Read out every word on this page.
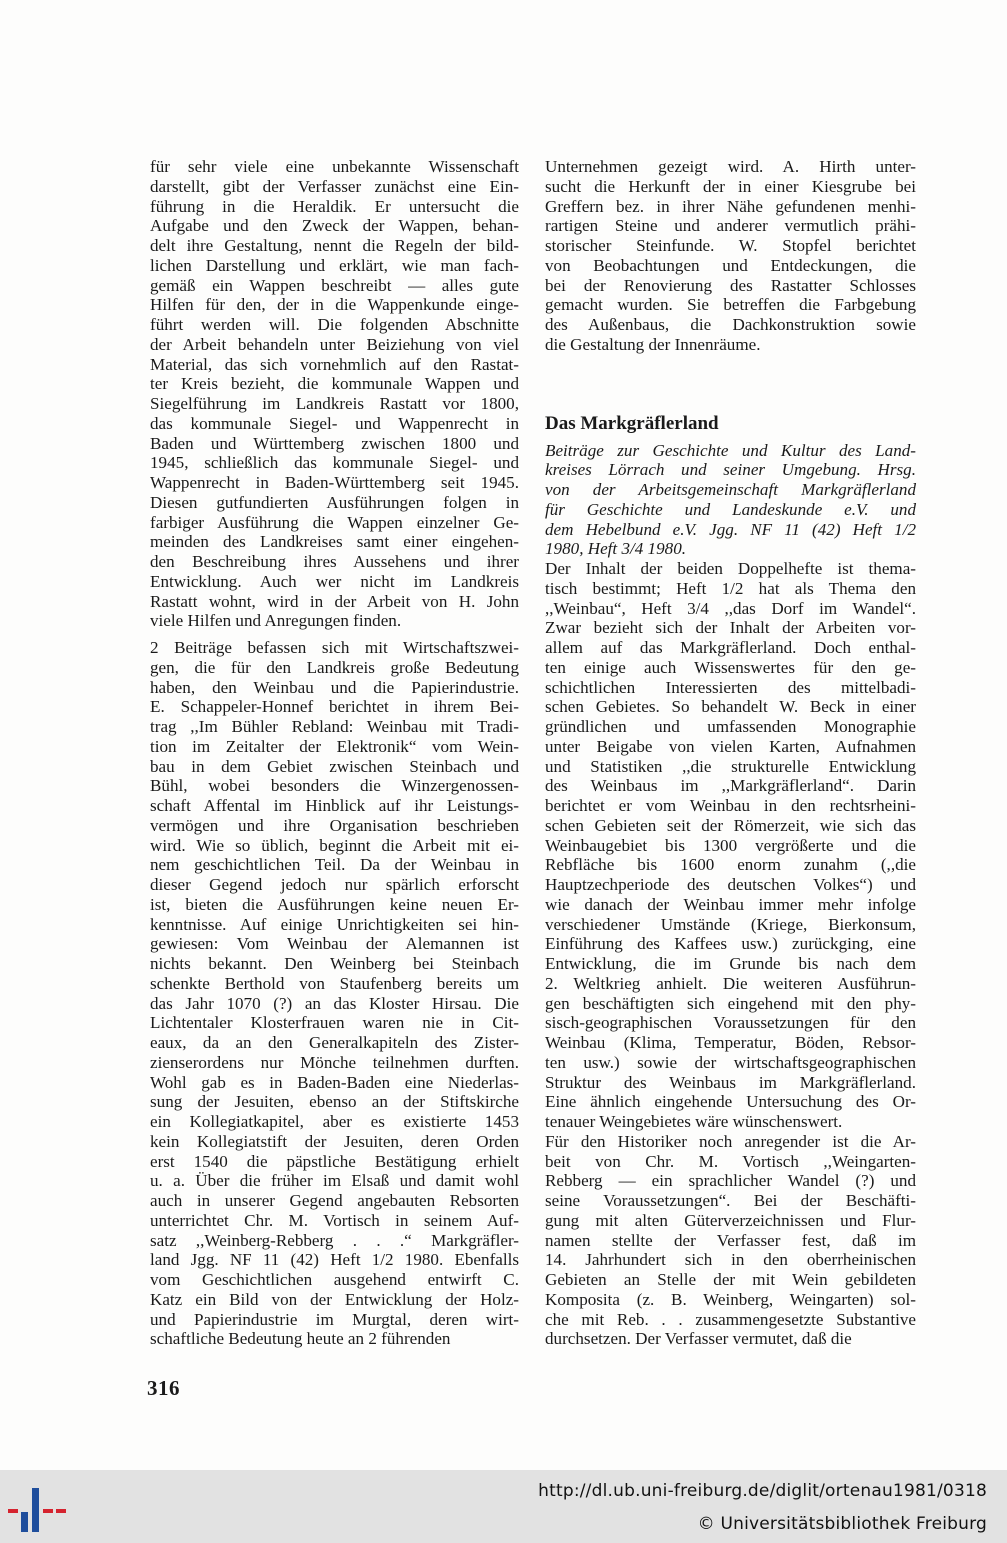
für sehr viele eine unbekannte Wissenschaft
darstellt, gibt der Verfasser zunächst eine Ein-
führung in die Heraldik. Er untersucht die
Aufgabe und den Zweck der Wappen, behan-
delt ihre Gestaltung, nennt die Regeln der bild-
lichen Darstellung und erklärt, wie man fach-
gemäß ein Wappen beschreibt — alles gute
Hilfen für den, der in die Wappenkunde einge-
führt werden will. Die folgenden Abschnitte
der Arbeit behandeln unter Beiziehung von viel
Material, das sich vornehmlich auf den Rastat-
ter Kreis bezieht, die kommunale Wappen und
Siegelführung im Landkreis Rastatt vor 1800,
das kommunale Siegel- und Wappenrecht in
Baden und Württemberg zwischen 1800 und
1945, schließlich das kommunale Siegel- und
Wappenrecht in Baden-Württemberg seit 1945.
Diesen gutfundierten Ausführungen folgen in
farbiger Ausführung die Wappen einzelner Ge-
meinden des Landkreises samt einer eingehen-
den Beschreibung ihres Aussehens und ihrer
Entwicklung. Auch wer nicht im Landkreis
Rastatt wohnt, wird in der Arbeit von H. John
viele Hilfen und Anregungen finden.

2 Beiträge befassen sich mit Wirtschaftszwei-
gen, die für den Landkreis große Bedeutung
haben, den Weinbau und die Papierindustrie.
E. Schappeler-Honnef berichtet in ihrem Bei-
trag ,,Im Bühler Rebland: Weinbau mit Tradi-
tion im Zeitalter der Elektronik“ vom Wein-
bau in dem Gebiet zwischen Steinbach und
Bühl, wobei besonders die Winzergenossen-
schaft Affental im Hinblick auf ihr Leistungs-
vermögen und ihre Organisation beschrieben
wird. Wie so üblich, beginnt die Arbeit mit ei-
nem geschichtlichen Teil. Da der Weinbau in
dieser Gegend jedoch nur spärlich erforscht
ist, bieten die Ausführungen keine neuen Er-
kenntnisse. Auf einige Unrichtigkeiten sei hin-
gewiesen: Vom Weinbau der Alemannen ist
nichts bekannt. Den Weinberg bei Steinbach
schenkte Berthold von Staufenberg bereits um
das Jahr 1070 (?) an das Kloster Hirsau. Die
Lichtentaler Klosterfrauen waren nie in Cit-
eaux, da an den Generalkapiteln des Zister-
zienserordens nur Mönche teilnehmen durften.
Wohl gab es in Baden-Baden eine Niederlas-
sung der Jesuiten, ebenso an der Stiftskirche
ein Kollegiatkapitel, aber es existierte 1453
kein Kollegiatstift der Jesuiten, deren Orden
erst 1540 die päpstliche Bestätigung erhielt
u. a. Über die früher im Elsaß und damit wohl
auch in unserer Gegend angebauten Rebsorten
unterrichtet Chr. M. Vortisch in seinem Auf-
satz ,,Weinberg-Rebberg . . .“ Markgräfler-
land Jgg. NF 11 (42) Heft 1/2 1980. Ebenfalls
vom Geschichtlichen ausgehend entwirft C.
Katz ein Bild von der Entwicklung der Holz-
und Papierindustrie im Murgtal, deren wirt-
schaftliche Bedeutung heute an 2 führenden

Unternehmen gezeigt wird. A. Hirth unter-
sucht die Herkunft der in einer Kiesgrube bei
Greffern bez. in ihrer Nähe gefundenen menhi-
rartigen Steine und anderer vermutlich prähi-
storischer Steinfunde. W. Stopfel berichtet
von Beobachtungen und Entdeckungen, die
bei der Renovierung des Rastatter Schlosses
gemacht wurden. Sie betreffen die Farbgebung
des Außenbaus, die Dachkonstruktion sowie
die Gestaltung der Innenräume.

Das Markgräflerland

Beiträge zur Geschichte und Kultur des Land-
kreises Lörrach und seiner Umgebung. Hrsg.
von der Arbeitsgemeinschaft Markgräflerland
für Geschichte und Landeskunde e.V. und
dem Hebelbund e.V. Jgg. NF 11 (42) Heft 1/2
1980, Heft 3/4 1980.

Der Inhalt der beiden Doppelhefte ist thema-
tisch bestimmt; Heft 1/2 hat als Thema den
,,Weinbau“, Heft 3/4 ,,das Dorf im Wandel“.
Zwar bezieht sich der Inhalt der Arbeiten vor-
allem auf das Markgräflerland. Doch enthal-
ten einige auch Wissenswertes für den ge-
schichtlichen Interessierten des mittelbadi-
schen Gebietes. So behandelt W. Beck in einer
gründlichen und umfassenden Monographie
unter Beigabe von vielen Karten, Aufnahmen
und Statistiken ,,die strukturelle Entwicklung
des Weinbaus im ,,Markgräflerland“. Darin
berichtet er vom Weinbau in den rechtsrheini-
schen Gebieten seit der Römerzeit, wie sich das
Weinbaugebiet bis 1300 vergrößerte und die
Rebfläche bis 1600 enorm zunahm (,,die
Hauptzechperiode des deutschen Volkes“) und
wie danach der Weinbau immer mehr infolge
verschiedener Umstände (Kriege, Bierkonsum,
Einführung des Kaffees usw.) zurückging, eine
Entwicklung, die im Grunde bis nach dem
2. Weltkrieg anhielt. Die weiteren Ausführun-
gen beschäftigten sich eingehend mit den phy-
sisch-geographischen Voraussetzungen für den
Weinbau (Klima, Temperatur, Böden, Rebsor-
ten usw.) sowie der wirtschaftsgeographischen
Struktur des Weinbaus im Markgräflerland.
Eine ähnlich eingehende Untersuchung des Or-
tenauer Weingebietes wäre wünschenswert.

Für den Historiker noch anregender ist die Ar-
beit von Chr. M. Vortisch ,,Weingarten-
Rebberg — ein sprachlicher Wandel (?) und
seine Voraussetzungen“. Bei der Beschäfti-
gung mit alten Güterverzeichnissen und Flur-
namen stellte der Verfasser fest, daß im
14. Jahrhundert sich in den oberrheinischen
Gebieten an Stelle der mit Wein gebildeten
Komposita (z. B. Weinberg, Weingarten) sol-
che mit Reb. . . zusammengesetzte Substantive
durchsetzen. Der Verfasser vermutet, daß die

316
http://dl.ub.uni-freiburg.de/diglit/ortenau1981/0318
© Universitätsbibliothek Freiburg
